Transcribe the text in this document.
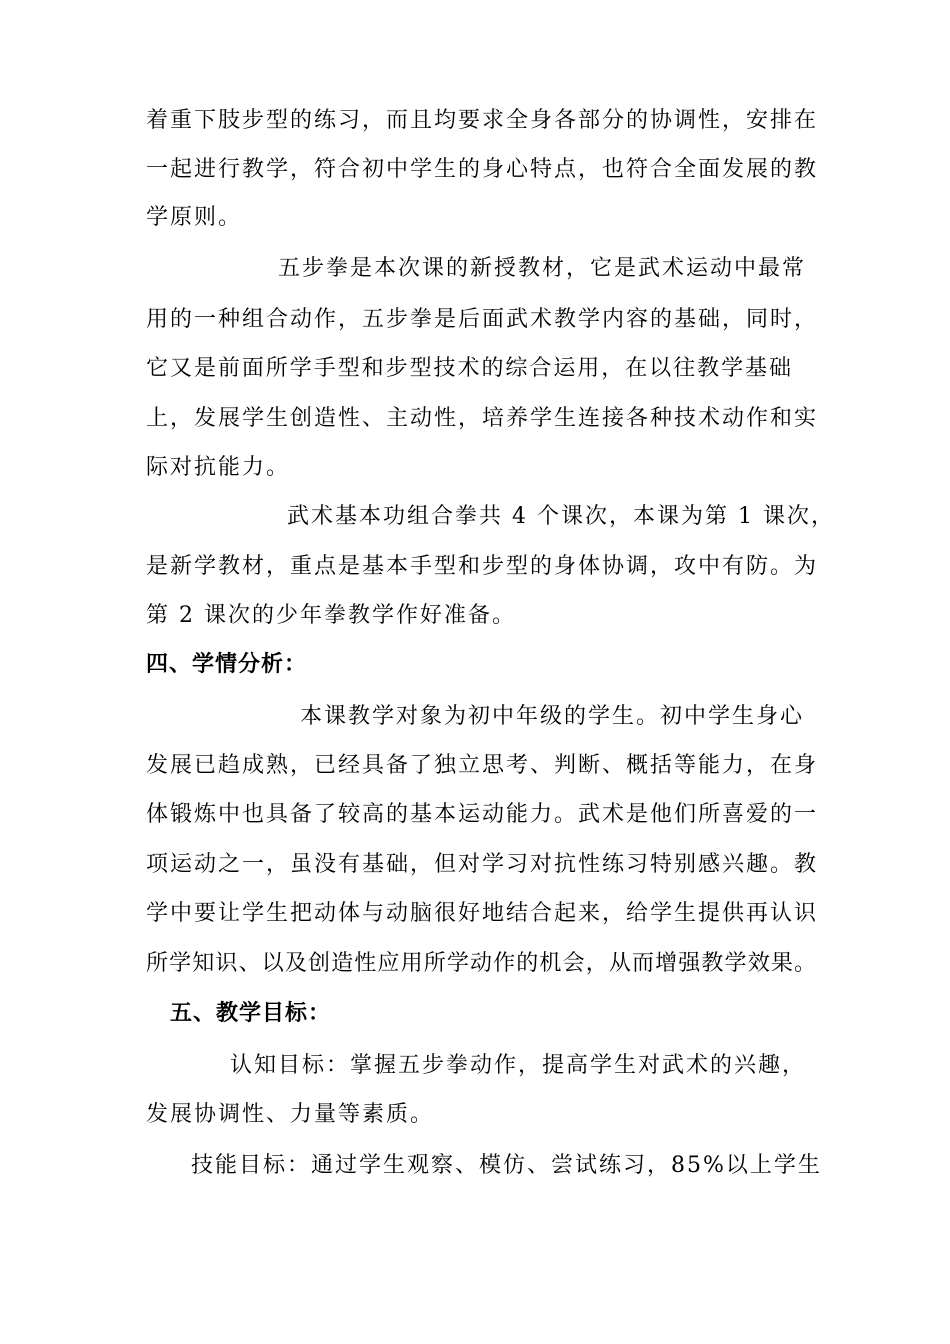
着重下肢步型的练习，而且均要求全身各部分的协调性，安排在
一起进行教学，符合初中学生的身心特点，也符合全面发展的教
学原则。
五步拳是本次课的新授教材，它是武术运动中最常
用的一种组合动作，五步拳是后面武术教学内容的基础，同时，
它又是前面所学手型和步型技术的综合运用，在以往教学基础
上，发展学生创造性、主动性，培养学生连接各种技术动作和实
际对抗能力。
武术基本功组合拳共 4 个课次，本课为第 1 课次，
是新学教材，重点是基本手型和步型的身体协调，攻中有防。为
第 2 课次的少年拳教学作好准备。
四、学情分析：
本课教学对象为初中年级的学生。初中学生身心
发展已趋成熟，已经具备了独立思考、判断、概括等能力，在身
体锻炼中也具备了较高的基本运动能力。武术是他们所喜爱的一
项运动之一，虽没有基础，但对学习对抗性练习特别感兴趣。教
学中要让学生把动体与动脑很好地结合起来，给学生提供再认识
所学知识、以及创造性应用所学动作的机会，从而增强教学效果。
五、教学目标：
认知目标：掌握五步拳动作，提高学生对武术的兴趣，
发展协调性、力量等素质。
技能目标：通过学生观察、模仿、尝试练习，85%以上学生
